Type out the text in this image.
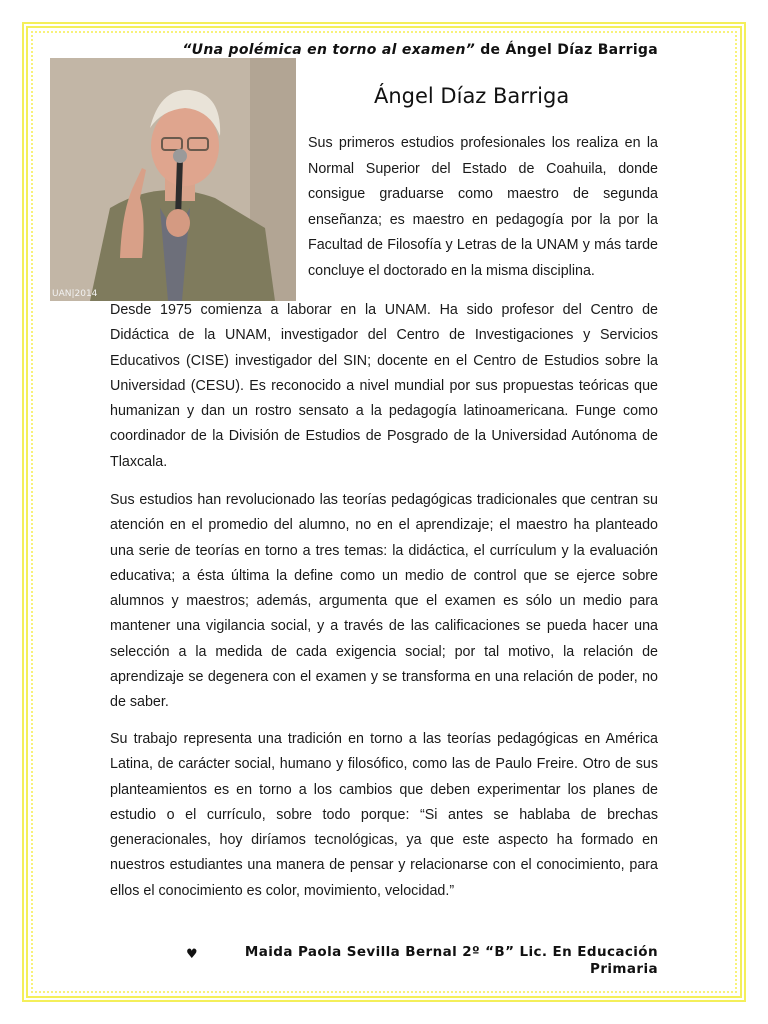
“Una polémica en torno al examen” de Ángel Díaz Barriga
UAN|2014
Ángel Díaz Barriga

Sus primeros estudios profesionales los realiza en la Normal Superior del Estado de Coahuila, donde consigue graduarse como maestro de segunda enseñanza; es maestro en pedagogía por la por la Facultad de Filosofía y Letras de la UNAM y más tarde concluye el doctorado en la misma disciplina.

Desde 1975 comienza a laborar en la UNAM. Ha sido profesor del Centro de Didáctica de la UNAM, investigador del Centro de Investigaciones y Servicios Educativos (CISE) investigador del SIN; docente en el Centro de Estudios sobre la Universidad (CESU). Es reconocido a nivel mundial por sus propuestas teóricas que humanizan y dan un rostro sensato a la pedagogía latinoamericana. Funge como coordinador de la División de Estudios de Posgrado de la Universidad Autónoma de Tlaxcala.

Sus estudios han revolucionado las teorías pedagógicas tradicionales que centran su atención en el promedio del alumno, no en el aprendizaje; el maestro ha planteado una serie de teorías en torno a tres temas: la didáctica, el currículum y la evaluación educativa; a ésta última la define como un medio de control que se ejerce sobre alumnos y maestros; además, argumenta que el examen es sólo un medio para mantener una vigilancia social, y a través de las calificaciones se pueda hacer una selección a la medida de cada exigencia social; por tal motivo, la relación de aprendizaje se degenera con el examen y se transforma en una relación de poder, no de saber.

Su trabajo representa una tradición en torno a las teorías pedagógicas en América Latina, de carácter social, humano y filosófico, como las de Paulo Freire. Otro de sus planteamientos es en torno a los cambios que deben experimentar los planes de estudio o el currículo, sobre todo porque: “Si antes se hablaba de brechas generacionales, hoy diríamos tecnológicas, ya que este aspecto ha formado en nuestros estudiantes una manera de pensar y relacionarse con el conocimiento, para ellos el conocimiento es color, movimiento, velocidad.”

♥	Maida Paola Sevilla Bernal 2º “B” Lic. En Educación Primaria
